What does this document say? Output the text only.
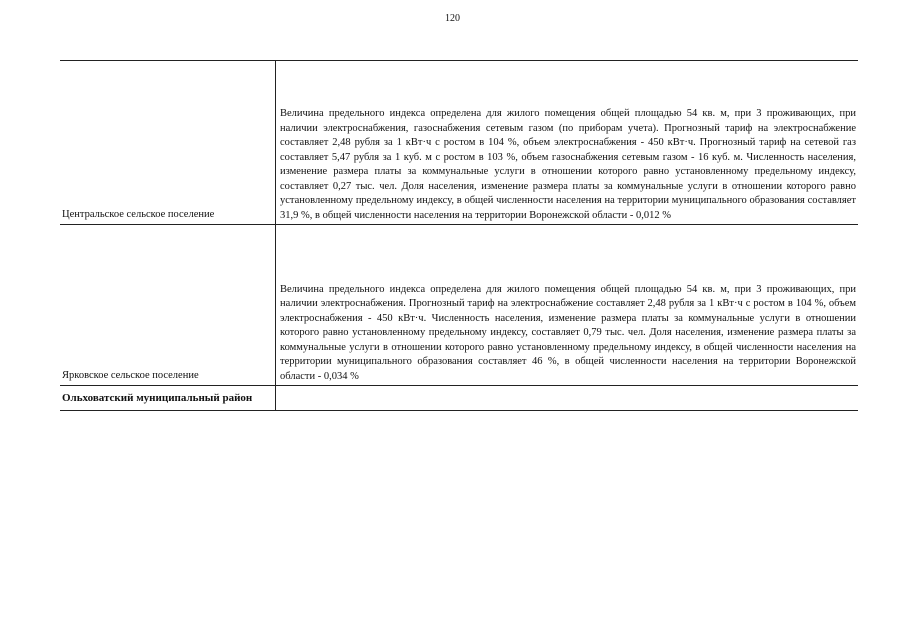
120
Центральское сельское поселение
Величина предельного индекса определена для жилого помещения общей площадью 54 кв. м, при 3 проживающих, при наличии электроснабжения, газоснабжения сетевым газом (по приборам учета). Прогнозный тариф на электроснабжение составляет 2,48 рубля за 1 кВт·ч с ростом в 104 %, объем электроснабжения - 450 кВт·ч. Прогнозный тариф на сетевой газ составляет 5,47 рубля за 1 куб. м с ростом в 103 %, объем газоснабжения сетевым газом - 16 куб. м. Численность населения, изменение размера платы за коммунальные услуги в отношении которого равно установленному предельному индексу, составляет 0,27 тыс. чел. Доля населения, изменение размера платы за коммунальные услуги в отношении которого равно установленному предельному индексу, в общей численности населения на территории муниципального образования составляет 31,9 %, в общей численности населения на территории Воронежской области - 0,012 %
Ярковское сельское поселение
Величина предельного индекса определена для жилого помещения общей площадью 54 кв. м, при 3 проживающих, при наличии электроснабжения. Прогнозный тариф на электроснабжение составляет 2,48 рубля за 1 кВт·ч с ростом в 104 %, объем электроснабжения - 450 кВт·ч. Численность населения, изменение размера платы за коммунальные услуги в отношении которого равно установленному предельному индексу, составляет 0,79 тыс. чел. Доля населения, изменение размера платы за коммунальные услуги в отношении которого равно установленному предельному индексу, в общей численности населения на территории муниципального образования составляет 46 %, в общей численности населения на территории Воронежской области - 0,034 %
Ольховатский муниципальный район
